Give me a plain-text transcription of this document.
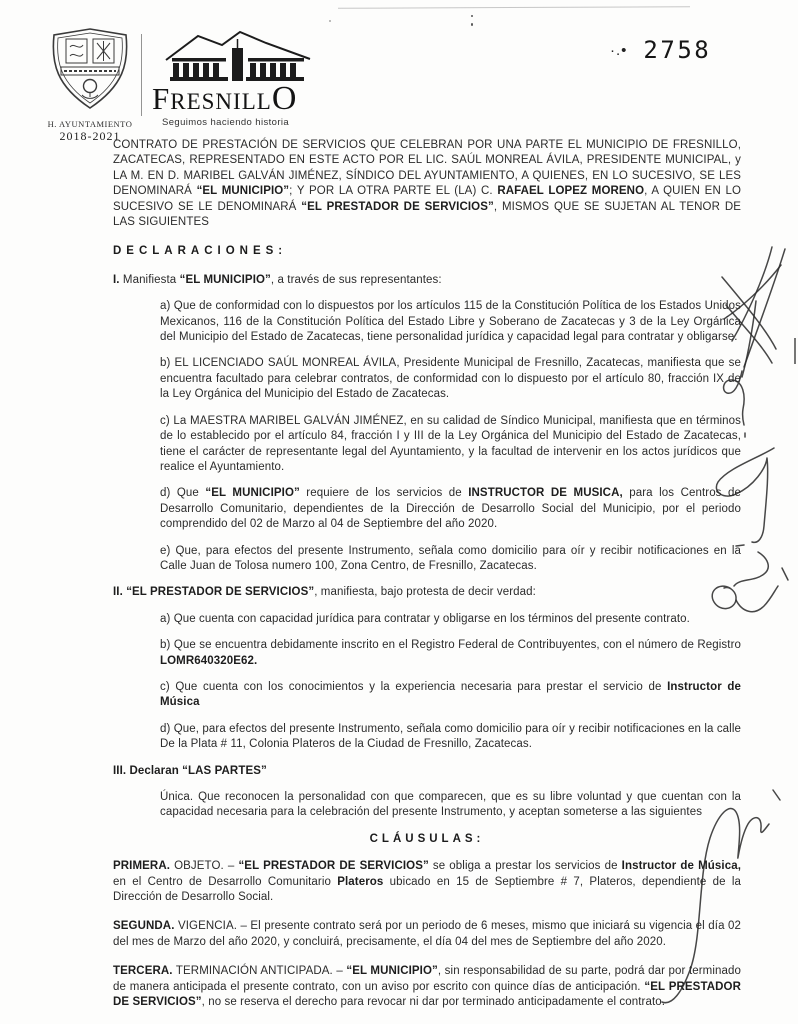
H. AYUNTAMIENTO
2018-2021
FRESNILLO
Seguimos haciendo historia
·.• 2758

CONTRATO DE PRESTACIÓN DE SERVICIOS QUE CELEBRAN POR UNA PARTE EL MUNICIPIO DE FRESNILLO, ZACATECAS, REPRESENTADO EN ESTE ACTO POR EL LIC. SAÚL MONREAL ÁVILA, PRESIDENTE MUNICIPAL, y LA M. EN D. MARIBEL GALVÁN JIMÉNEZ, SÍNDICO DEL AYUNTAMIENTO, A QUIENES, EN LO SUCESIVO, SE LES DENOMINARÁ “EL MUNICIPIO”; Y POR LA OTRA PARTE EL (LA) C. RAFAEL LOPEZ MORENO, A QUIEN EN LO SUCESIVO SE LE DENOMINARÁ “EL PRESTADOR DE SERVICIOS”, MISMOS QUE SE SUJETAN AL TENOR DE LAS SIGUIENTES

DECLARACIONES:

I. Manifiesta “EL MUNICIPIO”, a través de sus representantes:

a) Que de conformidad con lo dispuestos por los artículos 115 de la Constitución Política de los Estados Unidos Mexicanos, 116 de la Constitución Política del Estado Libre y Soberano de Zacatecas y 3 de la Ley Orgánica del Municipio del Estado de Zacatecas, tiene personalidad jurídica y capacidad legal para contratar y obligarse.

b) EL LICENCIADO SAÚL MONREAL ÁVILA, Presidente Municipal de Fresnillo, Zacatecas, manifiesta que se encuentra facultado para celebrar contratos, de conformidad con lo dispuesto por el artículo 80, fracción IX de la Ley Orgánica del Municipio del Estado de Zacatecas.

c) La MAESTRA MARIBEL GALVÁN JIMÉNEZ, en su calidad de Síndico Municipal, manifiesta que en términos de lo establecido por el artículo 84, fracción I y III de la Ley Orgánica del Municipio del Estado de Zacatecas, tiene el carácter de representante legal del Ayuntamiento, y la facultad de intervenir en los actos jurídicos que realice el Ayuntamiento.

d) Que “EL MUNICIPIO” requiere de los servicios de INSTRUCTOR DE MUSICA, para los Centros de Desarrollo Comunitario, dependientes de la Dirección de Desarrollo Social del Municipio, por el periodo comprendido del 02 de Marzo al 04 de Septiembre del año 2020.

e) Que, para efectos del presente Instrumento, señala como domicilio para oír y recibir notificaciones en la Calle Juan de Tolosa numero 100, Zona Centro, de Fresnillo, Zacatecas.

II. “EL PRESTADOR DE SERVICIOS”, manifiesta, bajo protesta de decir verdad:

a) Que cuenta con capacidad jurídica para contratar y obligarse en los términos del presente contrato.

b) Que se encuentra debidamente inscrito en el Registro Federal de Contribuyentes, con el número de Registro LOMR640320E62.

c) Que cuenta con los conocimientos y la experiencia necesaria para prestar el servicio de Instructor de Música

d) Que, para efectos del presente Instrumento, señala como domicilio para oír y recibir notificaciones en la calle De la Plata # 11, Colonia Plateros de la Ciudad de Fresnillo, Zacatecas.

III. Declaran “LAS PARTES”

Única. Que reconocen la personalidad con que comparecen, que es su libre voluntad y que cuentan con la capacidad necesaria para la celebración del presente Instrumento, y aceptan someterse a las siguientes

CLÁUSULAS:

PRIMERA. OBJETO. – “EL PRESTADOR DE SERVICIOS” se obliga a prestar los servicios de Instructor de Música, en el Centro de Desarrollo Comunitario Plateros ubicado en 15 de Septiembre # 7, Plateros, dependiente de la Dirección de Desarrollo Social.

SEGUNDA. VIGENCIA. – El presente contrato será por un periodo de 6 meses, mismo que iniciará su vigencia el día 02 del mes de Marzo del año 2020, y concluirá, precisamente, el día 04 del mes de Septiembre del año 2020.

TERCERA. TERMINACIÓN ANTICIPADA. – “EL MUNICIPIO”, sin responsabilidad de su parte, podrá dar por terminado de manera anticipada el presente contrato, con un aviso por escrito con quince días de anticipación. “EL PRESTADOR DE SERVICIOS”, no se reserva el derecho para revocar ni dar por terminado anticipadamente el contrato.
